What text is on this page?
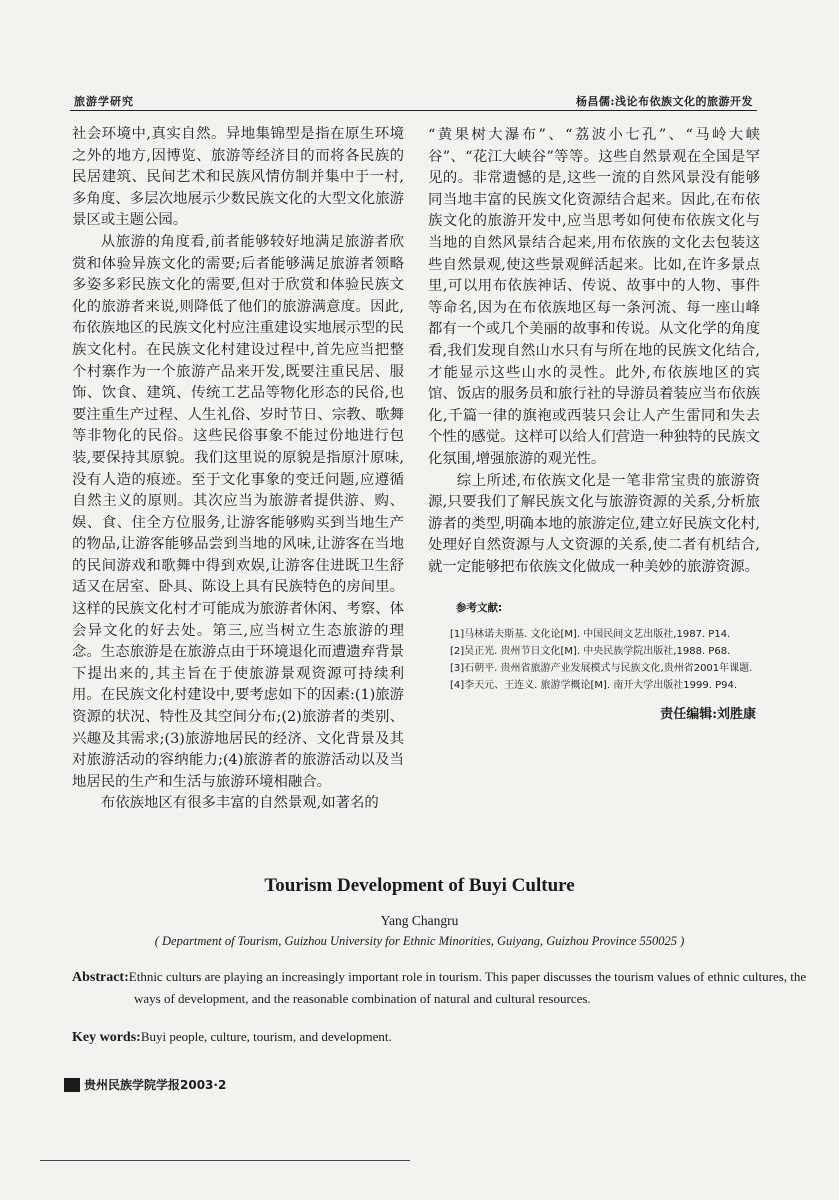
旅游学研究	杨昌儒:浅论布依族文化的旅游开发

社会环境中,真实自然。异地集锦型是指在原生环境之外的地方,因博览、旅游等经济目的而将各民族的民居建筑、民间艺术和民族风情仿制并集中于一村,多角度、多层次地展示少数民族文化的大型文化旅游景区或主题公园。

从旅游的角度看,前者能够较好地满足旅游者欣赏和体验异族文化的需要;后者能够满足旅游者领略多姿多彩民族文化的需要,但对于欣赏和体验民族文化的旅游者来说,则降低了他们的旅游满意度。因此,布依族地区的民族文化村应注重建设实地展示型的民族文化村。在民族文化村建设过程中,首先应当把整个村寨作为一个旅游产品来开发,既要注重民居、服饰、饮食、建筑、传统工艺品等物化形态的民俗,也要注重生产过程、人生礼俗、岁时节日、宗教、歌舞等非物化的民俗。这些民俗事象不能过份地进行包装,要保持其原貌。我们这里说的原貌是指原汁原味,没有人造的痕迹。至于文化事象的变迁问题,应遵循自然主义的原则。其次应当为旅游者提供游、购、娱、食、住全方位服务,让游客能够购买到当地生产的物品,让游客能够品尝到当地的风味,让游客在当地的民间游戏和歌舞中得到欢娱,让游客住进既卫生舒适又在居室、卧具、陈设上具有民族特色的房间里。这样的民族文化村才可能成为旅游者休闲、考察、体会异文化的好去处。第三,应当树立生态旅游的理念。生态旅游是在旅游点由于环境退化而遭遗弃背景下提出来的,其主旨在于使旅游景观资源可持续利用。在民族文化村建设中,要考虑如下的因素:(1)旅游资源的状况、特性及其空间分布;(2)旅游者的类别、兴趣及其需求;(3)旅游地居民的经济、文化背景及其对旅游活动的容纳能力;(4)旅游者的旅游活动以及当地居民的生产和生活与旅游环境相融合。

布依族地区有很多丰富的自然景观,如著名的

“黄果树大瀑布”、“荔波小七孔”、“马岭大峡谷”、“花江大峡谷”等等。这些自然景观在全国是罕见的。非常遗憾的是,这些一流的自然风景没有能够同当地丰富的民族文化资源结合起来。因此,在布依族文化的旅游开发中,应当思考如何使布依族文化与当地的自然风景结合起来,用布依族的文化去包装这些自然景观,使这些景观鲜活起来。比如,在许多景点里,可以用布依族神话、传说、故事中的人物、事件等命名,因为在布依族地区每一条河流、每一座山峰都有一个或几个美丽的故事和传说。从文化学的角度看,我们发现自然山水只有与所在地的民族文化结合,才能显示这些山水的灵性。此外,布依族地区的宾馆、饭店的服务员和旅行社的导游员着装应当布依族化,千篇一律的旗袍或西装只会让人产生雷同和失去个性的感觉。这样可以给人们营造一种独特的民族文化氛围,增强旅游的观光性。

综上所述,布依族文化是一笔非常宝贵的旅游资源,只要我们了解民族文化与旅游资源的关系,分析旅游者的类型,明确本地的旅游定位,建立好民族文化村,处理好自然资源与人文资源的关系,使二者有机结合,就一定能够把布依族文化做成一种美妙的旅游资源。

参考文献:

[1]马林诺夫斯基. 文化论[M]. 中国民间文艺出版社,1987. P14.

[2]吴正光. 贵州节日文化[M]. 中央民族学院出版社,1988. P68.

[3]石朝平. 贵州省旅游产业发展模式与民族文化,贵州省2001年课题.

[4]李天元、王连义. 旅游学概论[M]. 南开大学出版社1999. P94.

责任编辑:刘胜康
Tourism Development of Buyi Culture
Yang Changru
( Department of Tourism, Guizhou University for Ethnic Minorities, Guiyang, Guizhou Province 550025 )
Abstract:Ethnic culturs are playing an increasingly important role in tourism. This paper discusses the tourism values of ethnic cultures, the ways of development, and the reasonable combination of natural and cultural resources.
Key words:Buyi people, culture, tourism, and development.
贵州民族学院学报2003·2
